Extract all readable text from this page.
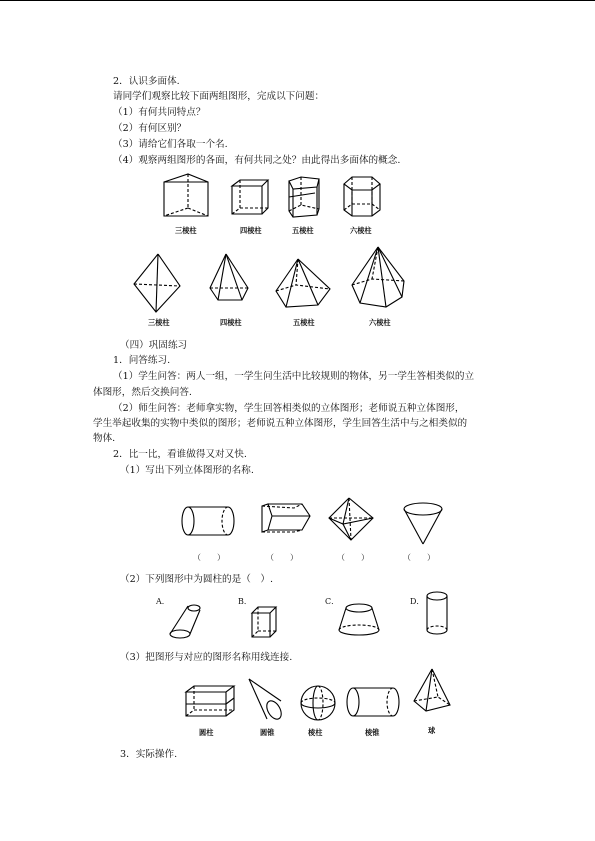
2．认识多面体.
请同学们观察比较下面两组图形，完成以下问题：
（1）有何共同特点？
（2）有何区别？
（3）请给它们各取一个名.
（4）观察两组图形的各面，有何共同之处？由此得出多面体的概念.
三棱柱	四棱柱	五棱柱	六棱柱
三棱柱	四棱柱	五棱柱	六棱柱
（四）巩固练习
1．问答练习.
（1）学生问答：两人一组，一学生问生活中比较规则的物体，另一学生答相类似的立
体图形，然后交换问答.
（2）师生问答：老师拿实物，学生回答相类似的立体图形；老师说五种立体图形，
学生举起收集的实物中类似的图形；老师说五种立体图形，学生回答生活中与之相类似的
物体.
2．比一比，看谁做得又对又快.
（1）写出下列立体图形的名称.
（　　）	（　　）	（　　）	（　　）
（2）下列图形中为圆柱的是（　）.
A．	B．	C．	D．
（3）把图形与对应的图形名称用线连接.
圆柱	圆锥	棱柱	棱锥	球
3．实际操作.
